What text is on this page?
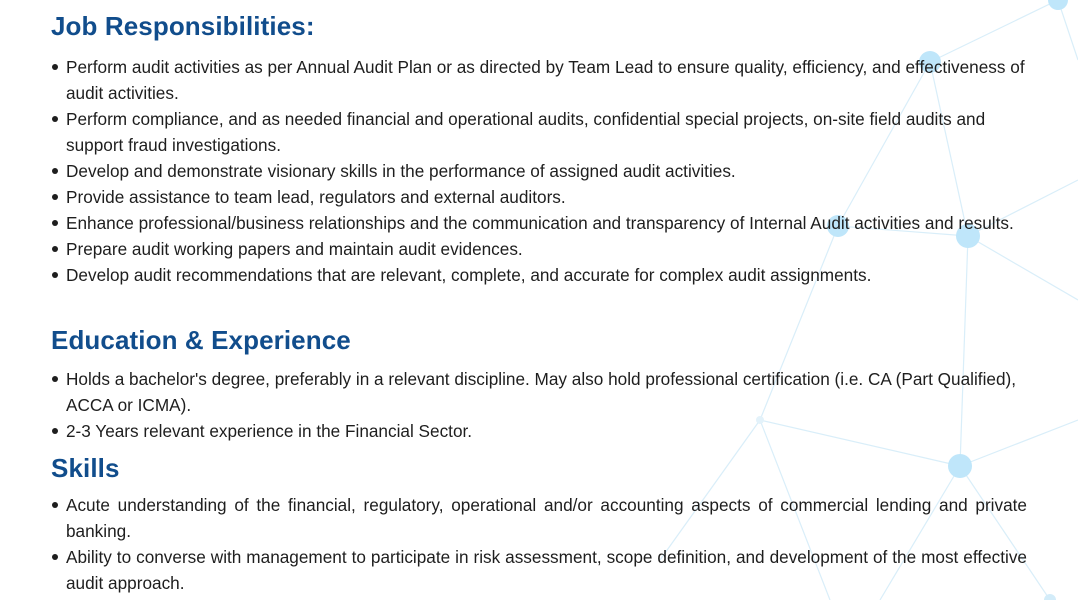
Job Responsibilities:
Perform audit activities as per Annual Audit Plan or as directed by Team Lead to ensure quality, efficiency, and effectiveness of audit activities.
Perform compliance, and as needed financial and operational audits, confidential special projects, on-site field audits and support fraud investigations.
Develop and demonstrate visionary skills in the performance of assigned audit activities.
Provide assistance to team lead, regulators and external auditors.
Enhance professional/business relationships and the communication and transparency of Internal Audit activities and results.
Prepare audit working papers and maintain audit evidences.
Develop audit recommendations that are relevant, complete, and accurate for complex audit assignments.
Education & Experience
Holds a bachelor's degree, preferably in a relevant discipline. May also hold professional certification (i.e. CA (Part Qualified), ACCA or ICMA).
2-3 Years relevant experience in the Financial Sector.
Skills
Acute understanding of the financial, regulatory, operational and/or accounting aspects of commercial lending and private banking.
Ability to converse with management to participate in risk assessment, scope definition, and development of the most effective audit approach.
